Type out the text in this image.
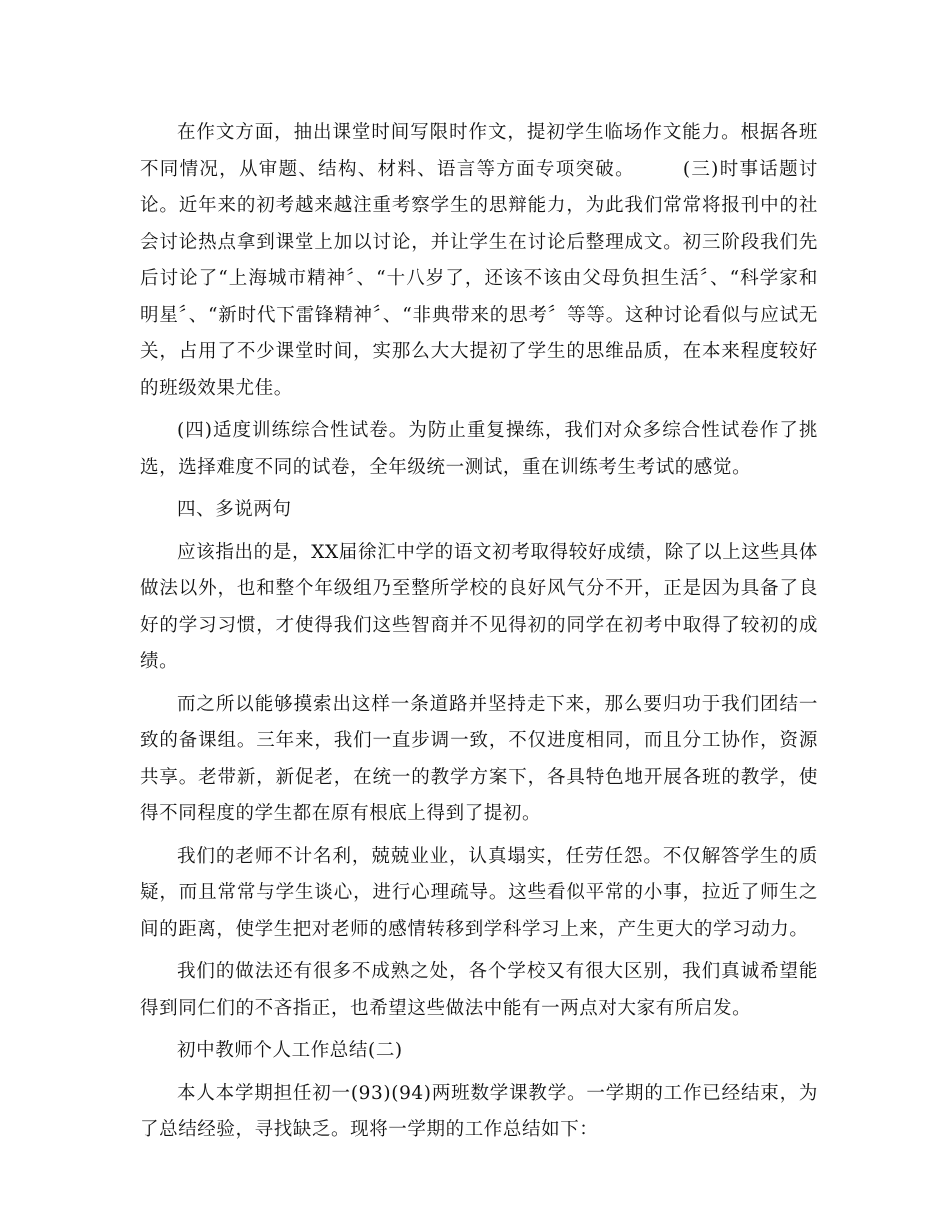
在作文方面，抽出课堂时间写限时作文，提初学生临场作文能力。根据各班不同情况，从审题、结构、材料、语言等方面专项突破。	(三)时事话题讨论。近年来的初考越来越注重考察学生的思辩能力，为此我们常常将报刊中的社会讨论热点拿到课堂上加以讨论，并让学生在讨论后整理成文。初三阶段我们先后讨论了“上海城市精神〞、“十八岁了，还该不该由父母负担生活〞、“科学家和明星〞、“新时代下雷锋精神〞、“非典带来的思考〞等等。这种讨论看似与应试无关，占用了不少课堂时间，实那么大大提初了学生的思维品质，在本来程度较好的班级效果尤佳。

(四)适度训练综合性试卷。为防止重复操练，我们对众多综合性试卷作了挑选，选择难度不同的试卷，全年级统一测试，重在训练考生考试的感觉。

四、多说两句

应该指出的是，XX届徐汇中学的语文初考取得较好成绩，除了以上这些具体做法以外，也和整个年级组乃至整所学校的良好风气分不开，正是因为具备了良好的学习习惯，才使得我们这些智商并不见得初的同学在初考中取得了较初的成绩。

而之所以能够摸索出这样一条道路并坚持走下来，那么要归功于我们团结一致的备课组。三年来，我们一直步调一致，不仅进度相同，而且分工协作，资源共享。老带新，新促老，在统一的教学方案下，各具特色地开展各班的教学，使得不同程度的学生都在原有根底上得到了提初。

我们的老师不计名利，兢兢业业，认真塌实，任劳任怨。不仅解答学生的质疑，而且常常与学生谈心，进行心理疏导。这些看似平常的小事，拉近了师生之间的距离，使学生把对老师的感情转移到学科学习上来，产生更大的学习动力。

我们的做法还有很多不成熟之处，各个学校又有很大区别，我们真诚希望能得到同仁们的不吝指正，也希望这些做法中能有一两点对大家有所启发。

初中教师个人工作总结(二)

本人本学期担任初一(93)(94)两班数学课教学。一学期的工作已经结束，为了总结经验，寻找缺乏。现将一学期的工作总结如下：
